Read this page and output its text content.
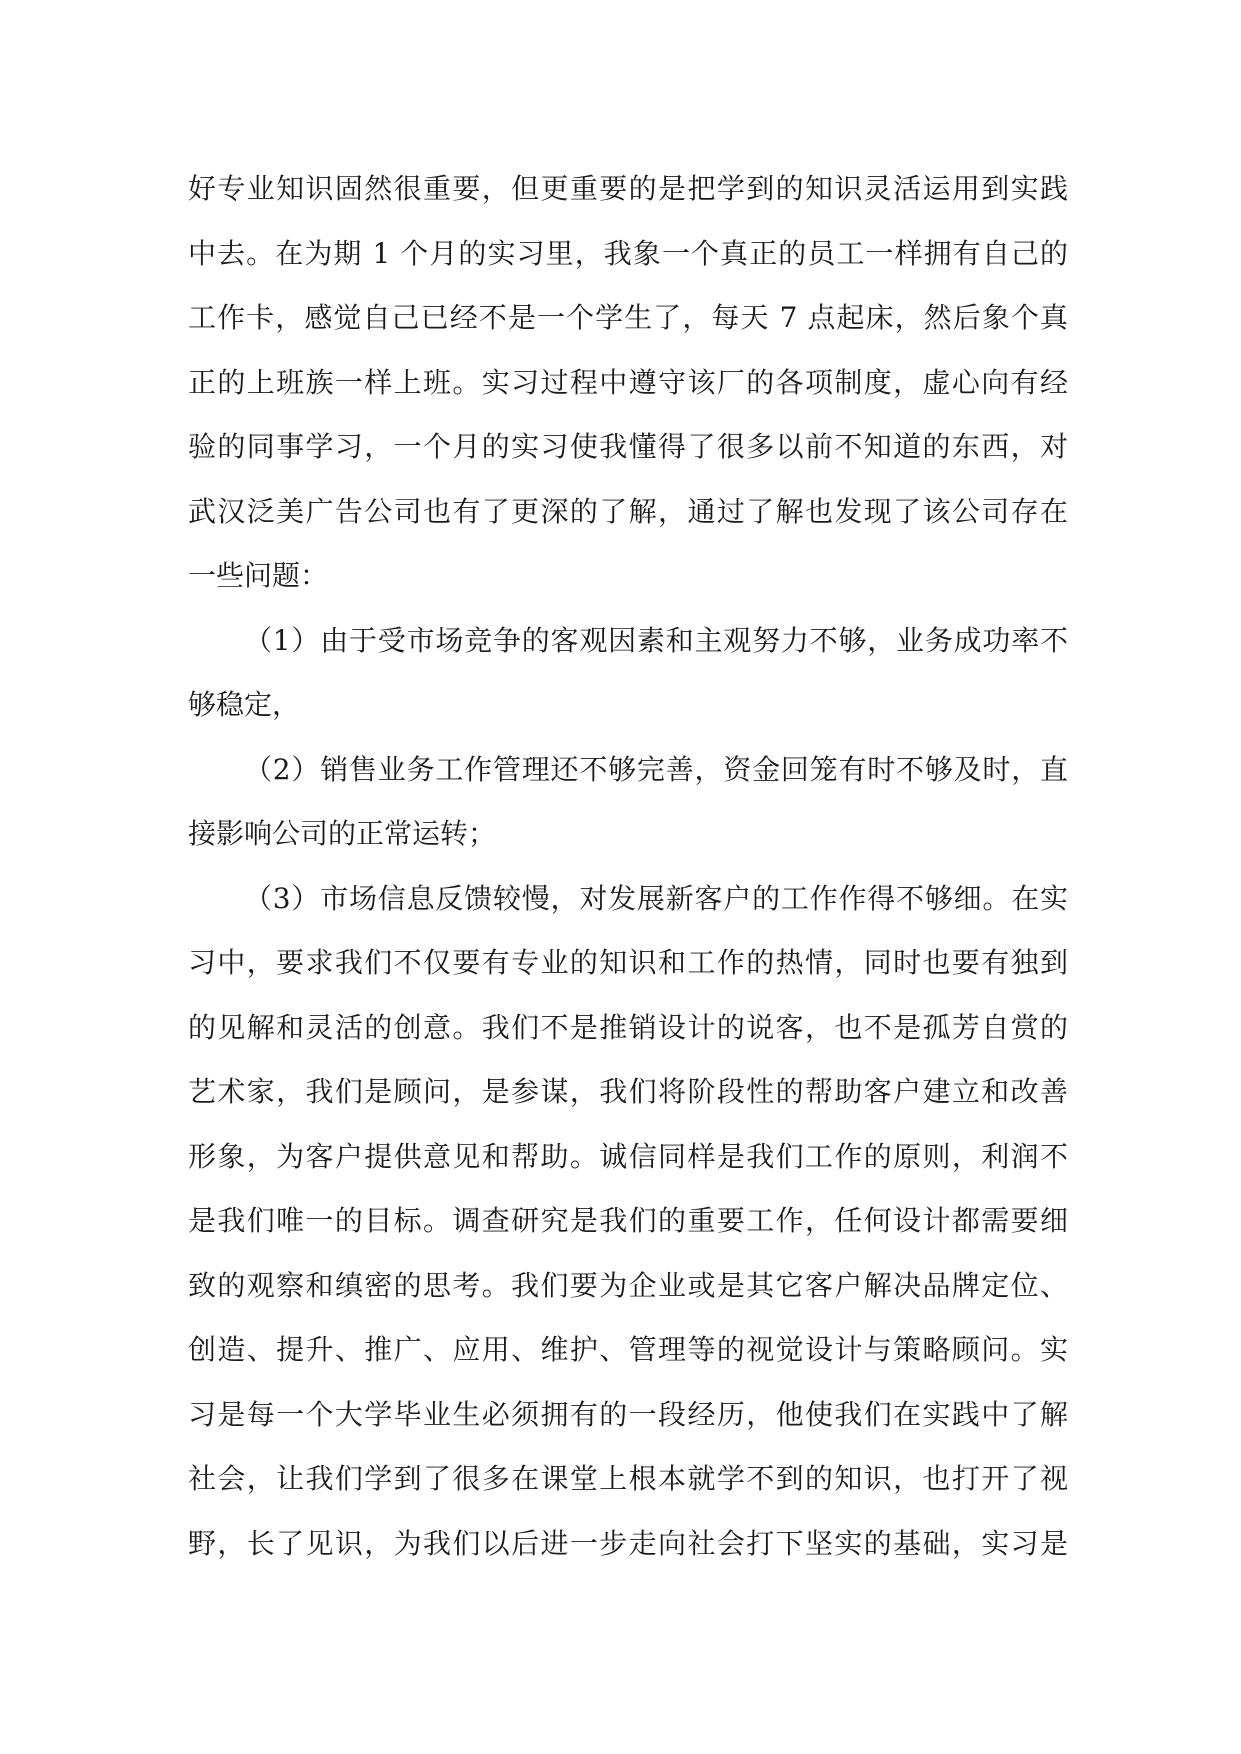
好专业知识固然很重要，但更重要的是把学到的知识灵活运用到实践
中去。在为期 1 个月的实习里，我象一个真正的员工一样拥有自己的
工作卡，感觉自己已经不是一个学生了，每天 7 点起床，然后象个真
正的上班族一样上班。实习过程中遵守该厂的各项制度，虚心向有经
验的同事学习，一个月的实习使我懂得了很多以前不知道的东西，对
武汉泛美广告公司也有了更深的了解，通过了解也发现了该公司存在
一些问题：
（1）由于受市场竞争的客观因素和主观努力不够，业务成功率不
够稳定，
（2）销售业务工作管理还不够完善，资金回笼有时不够及时，直
接影响公司的正常运转；
（3）市场信息反馈较慢，对发展新客户的工作作得不够细。在实
习中，要求我们不仅要有专业的知识和工作的热情，同时也要有独到
的见解和灵活的创意。我们不是推销设计的说客，也不是孤芳自赏的
艺术家，我们是顾问，是参谋，我们将阶段性的帮助客户建立和改善
形象，为客户提供意见和帮助。诚信同样是我们工作的原则，利润不
是我们唯一的目标。调查研究是我们的重要工作，任何设计都需要细
致的观察和缜密的思考。我们要为企业或是其它客户解决品牌定位、
创造、提升、推广、应用、维护、管理等的视觉设计与策略顾问。实
习是每一个大学毕业生必须拥有的一段经历，他使我们在实践中了解
社会，让我们学到了很多在课堂上根本就学不到的知识，也打开了视
野，长了见识，为我们以后进一步走向社会打下坚实的基础，实习是
